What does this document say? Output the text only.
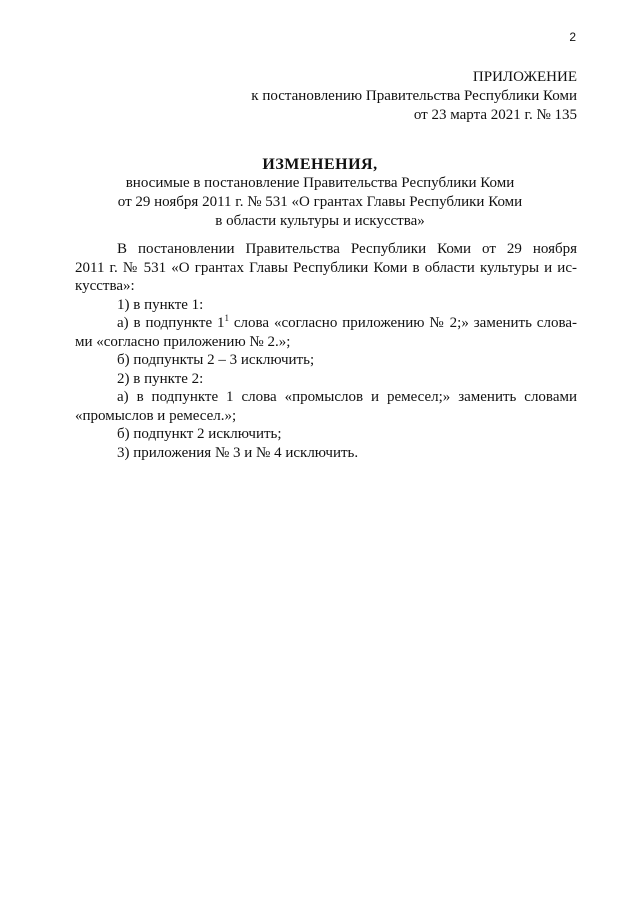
2
ПРИЛОЖЕНИЕ
к постановлению Правительства Республики Коми
от 23 марта 2021 г. № 135
ИЗМЕНЕНИЯ,
вносимые в постановление Правительства Республики Коми
от 29 ноября 2011 г. № 531 «О грантах Главы Республики Коми
в области культуры и искусства»
В постановлении Правительства Республики Коми от 29 ноября
2011 г. № 531 «О грантах Главы Республики Коми в области культуры и ис-
кусства»:
1) в пункте 1:
а) в подпункте $1^1$ слова «согласно приложению № 2;» заменить слова-
ми «согласно приложению № 2.»;
б) подпункты 2 – 3 исключить;
2) в пункте 2:
а) в подпункте 1 слова «промыслов и ремесел;» заменить словами
«промыслов и ремесел.»;
б) подпункт 2 исключить;
3) приложения № 3 и № 4 исключить.
